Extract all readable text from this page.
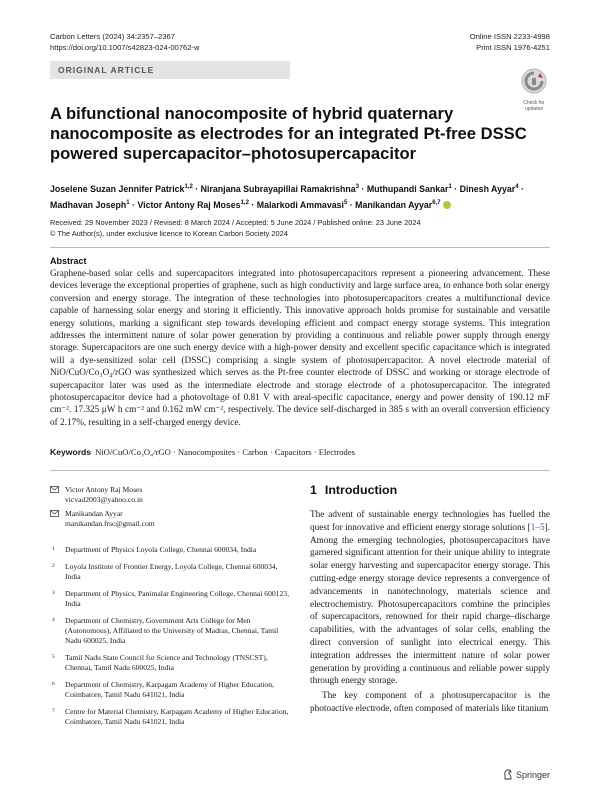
Carbon Letters (2024) 34:2357–2367
https://doi.org/10.1007/s42823-024-00762-w
Online ISSN 2233-4998
Print ISSN 1976-4251
ORIGINAL ARTICLE
Check for updates
A bifunctional nanocomposite of hybrid quaternary nanocomposite as electrodes for an integrated Pt-free DSSC powered supercapacitor–photosupercapacitor
Joselene Suzan Jennifer Patrick$^{1,2}$ · Niranjana Subrayapillai Ramakrishna$^3$ · Muthupandi Sankar$^1$ · Dinesh Ayyar$^4$ · Madhavan Joseph$^1$ · Victor Antony Raj Moses$^{1,2}$ · Malarkodi Ammavasi$^5$ · Manikandan Ayyar$^{6,7}$
Received: 29 November 2023 / Revised: 8 March 2024 / Accepted: 5 June 2024 / Published online: 23 June 2024
© The Author(s), under exclusive licence to Korean Carbon Society 2024
Abstract
Graphene-based solar cells and supercapacitors integrated into photosupercapacitors represent a pioneering advancement. These devices leverage the exceptional properties of graphene, such as high conductivity and large surface area, to enhance both solar energy conversion and energy storage. The integration of these technologies into photosupercapacitors creates a multifunctional device capable of harnessing solar energy and storing it efficiently. This innovative approach holds promise for sustainable and versatile energy solutions, marking a significant step towards developing efficient and compact energy storage systems. This integration addresses the intermittent nature of solar power generation by providing a continuous and reliable power supply through energy storage. Supercapacitors are one such energy device with a high-power density and excellent specific capacitance which is integrated will a dye-sensitized solar cell (DSSC) comprising a single system of photosupercapacitor. A novel electrode material of NiO/CuO/Co₃O₄/rGO was synthesized which serves as the Pt-free counter electrode of DSSC and working or storage electrode of supercapacitor later was used as the intermediate electrode and storage electrode of a photosupercapacitor. The integrated photosupercapacitor device had a photovoltage of 0.81 V with areal-specific capacitance, energy and power density of 190.12 mF cm⁻². 17.325 μW h cm⁻² and 0.162 mW cm⁻², respectively. The device self-discharged in 385 s with an overall conversion efficiency of 2.17%, resulting in a self-charged energy device.
Keywords NiO/CuO/Co₃O₄/rGO · Nanocomposites · Carbon · Capacitors · Electrodes
Victor Antony Raj Moses
vicvad2003@yahoo.co.in
Manikandan Ayyar
manikandan.frsc@gmail.com
1 Department of Physics Loyola College, Chennai 600034, India
2 Loyola Institute of Frontier Energy, Loyola College, Chennai 600034, India
3 Department of Physics, Panimalar Engineering College, Chennai 600123, India
4 Department of Chemistry, Government Arts College for Men (Autonomous), Affiliated to the University of Madras, Chennai, Tamil Nadu 600025, India
5 Tamil Nadu State Council for Science and Technology (TNSCST), Chennai, Tamil Nadu 600025, India
6 Department of Chemistry, Karpagam Academy of Higher Education, Coimbatore, Tamil Nadu 641021, India
7 Centre for Material Chemistry, Karpagam Academy of Higher Education, Coimbatore, Tamil Nadu 641021, India
1 Introduction

The advent of sustainable energy technologies has fuelled the quest for innovative and efficient energy storage solutions [1–5]. Among the emerging technologies, photosupercapacitors have garnered significant attention for their unique ability to integrate solar energy harvesting and supercapacitor energy storage. This cutting-edge energy storage device represents a convergence of advancements in nanotechnology, materials science and electrochemistry. Photosupercapacitors combine the principles of supercapacitors, renowned for their rapid charge–discharge capabilities, with the advantages of solar cells, enabling the direct conversion of sunlight into electrical energy. This integration addresses the intermittent nature of solar power generation by providing a continuous and reliable power supply through energy storage.

The key component of a photosupercapacitor is the photoactive electrode, often composed of materials like titanium

Springer
